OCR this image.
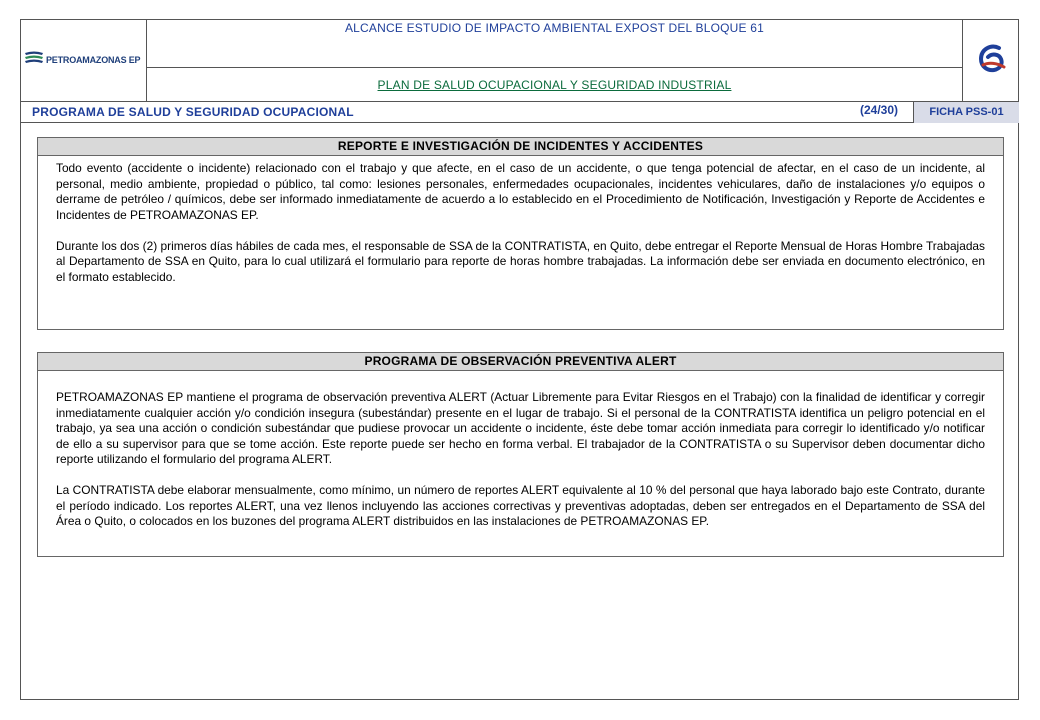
PETROAMAZONAS EP
ALCANCE ESTUDIO DE IMPACTO AMBIENTAL EXPOST DEL BLOQUE 61
PLAN DE SALUD OCUPACIONAL Y SEGURIDAD INDUSTRIAL
PROGRAMA DE SALUD Y SEGURIDAD OCUPACIONAL	(24/30)	FICHA PSS-01
REPORTE E INVESTIGACIÓN DE INCIDENTES Y ACCIDENTES

Todo evento (accidente o incidente) relacionado con el trabajo y que afecte, en el caso de un accidente, o que tenga potencial de afectar, en el caso de un incidente, al personal, medio ambiente, propiedad o público, tal como: lesiones personales, enfermedades ocupacionales, incidentes vehiculares, daño de instalaciones y/o equipos o derrame de petróleo / químicos, debe ser informado inmediatamente de acuerdo a lo establecido en el Procedimiento de Notificación, Investigación y Reporte de Accidentes e Incidentes de PETROAMAZONAS EP.

Durante los dos (2) primeros días hábiles de cada mes, el responsable de SSA de la CONTRATISTA, en Quito, debe entregar el Reporte Mensual de Horas Hombre Trabajadas al Departamento de SSA en Quito, para lo cual utilizará el formulario para reporte de horas hombre trabajadas. La información debe ser enviada en documento electrónico, en el formato establecido.

PROGRAMA DE OBSERVACIÓN PREVENTIVA ALERT

PETROAMAZONAS EP mantiene el programa de observación preventiva ALERT (Actuar Libremente para Evitar Riesgos en el Trabajo) con la finalidad de identificar y corregir inmediatamente cualquier acción y/o condición insegura (subestándar) presente en el lugar de trabajo. Si el personal de la CONTRATISTA identifica un peligro potencial en el trabajo, ya sea una acción o condición subestándar que pudiese provocar un accidente o incidente, éste debe tomar acción inmediata para corregir lo identificado y/o notificar de ello a su supervisor para que se tome acción. Este reporte puede ser hecho en forma verbal. El trabajador de la CONTRATISTA o su Supervisor deben documentar dicho reporte utilizando el formulario del programa ALERT.

La CONTRATISTA debe elaborar mensualmente, como mínimo, un número de reportes ALERT equivalente al 10 % del personal que haya laborado bajo este Contrato, durante el período indicado. Los reportes ALERT, una vez llenos incluyendo las acciones correctivas y preventivas adoptadas, deben ser entregados en el Departamento de SSA del Área o Quito, o colocados en los buzones del programa ALERT distribuidos en las instalaciones de PETROAMAZONAS EP.
